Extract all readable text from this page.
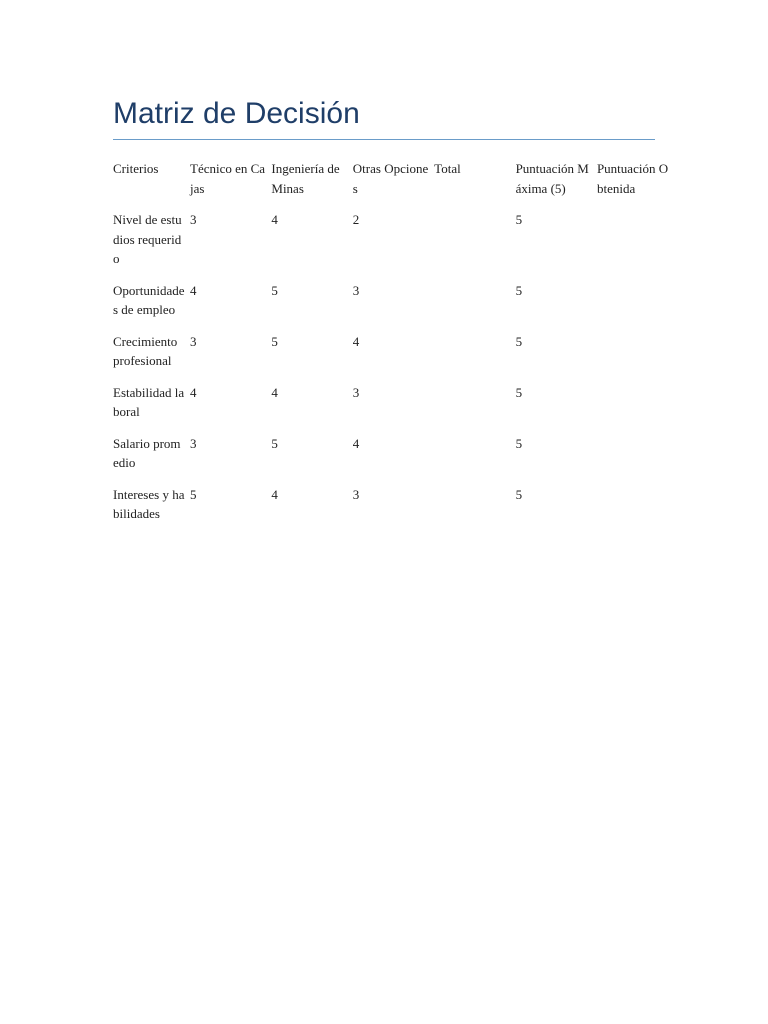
Matriz de Decisión
Criterios	Técnico en Cajas	Ingeniería de Minas	Otras Opciones	Total	Puntuación Máxima (5)	Puntuación Obtenida
Nivel de estudios requerido	3	4	2		5	
Oportunidades de empleo	4	5	3		5	
Crecimiento profesional	3	5	4		5	
Estabilidad laboral	4	4	3		5	
Salario promedio	3	5	4		5	
Intereses y habilidades	5	4	3		5	
